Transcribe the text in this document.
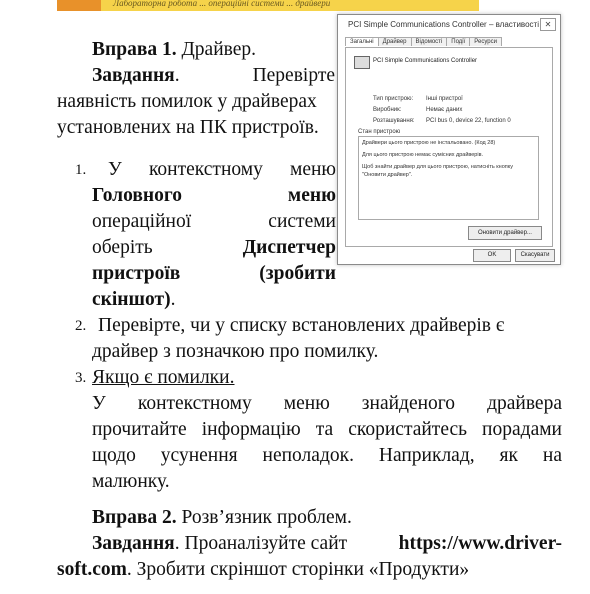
Лабораторна робота ... операційні системи ... драйвери
Вправа 1. Драйвер.
Завдання.	Перевірте
наявність помилок у драйверах
установлених на ПК пристроїв.
1. У контекстному меню
Головного	меню
операційної	системи
оберіть	Диспетчер
пристроїв	(зробити
скіншот).
2. Перевірте, чи у списку встановлених драйверів є
драйвер з позначкою про помилку.
3. Якщо є помилки.
У контекстному меню знайденого драйвера
прочитайте інформацію та скористайтесь порадами
щодо усунення неполадок. Наприклад, як на
малюнку.
Вправа 2. Розв’язник проблем.
Завдання. Проаналізуйте сайт	https://www.driver-
soft.com. Зробити скріншот сторінки «Продукти»
PCI Simple Communications Controller – властивості ✕
Загальні	Драйвер	Відомості	Події	Ресурси
PCI Simple Communications Controller
Тип пристрою: Інші пристрої
Виробник:	Немає даних
Розташування: PCI bus 0, device 22, function 0
Стан пристрою
Драйвери цього пристрою не інстальовано. (Код 28)
Для цього пристрою немає сумісних драйверів.
Щоб знайти драйвер для цього пристрою, натисніть кнопку "Оновити драйвер".
Оновити драйвер...
OK	Скасувати
